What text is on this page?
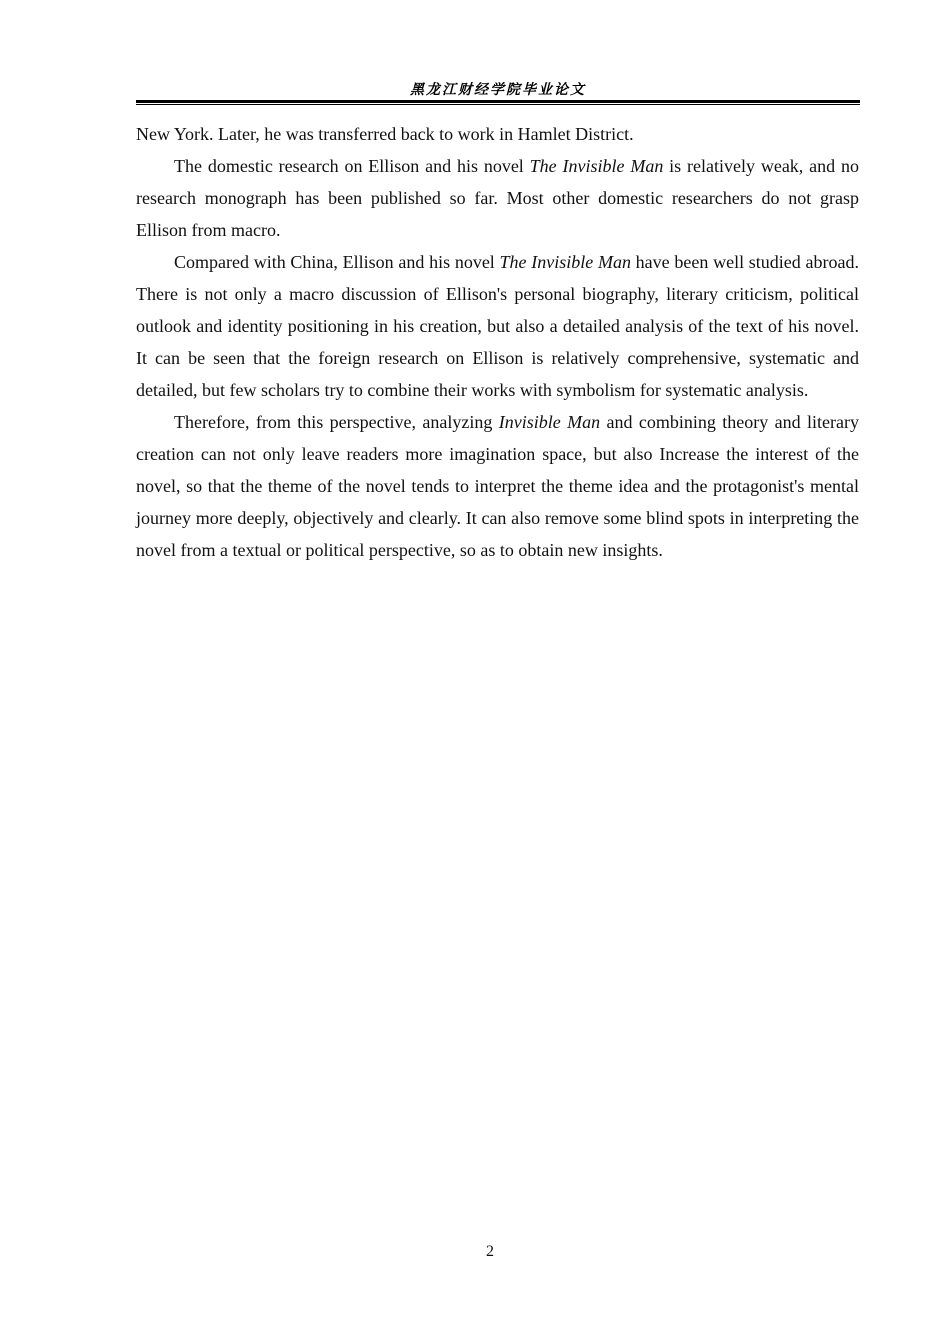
黑龙江财经学院毕业论文

New York. Later, he was transferred back to work in Hamlet District.

The domestic research on Ellison and his novel The Invisible Man is relatively weak, and no research monograph has been published so far. Most other domestic researchers do not grasp Ellison from macro.

Compared with China, Ellison and his novel The Invisible Man have been well studied abroad. There is not only a macro discussion of Ellison's personal biography, literary criticism, political outlook and identity positioning in his creation, but also a detailed analysis of the text of his novel. It can be seen that the foreign research on Ellison is relatively comprehensive, systematic and detailed, but few scholars try to combine their works with symbolism for systematic analysis.

Therefore, from this perspective, analyzing Invisible Man and combining theory and literary creation can not only leave readers more imagination space, but also Increase the interest of the novel, so that the theme of the novel tends to interpret the theme idea and the protagonist's mental journey more deeply, objectively and clearly. It can also remove some blind spots in interpreting the novel from a textual or political perspective, so as to obtain new insights.

2
